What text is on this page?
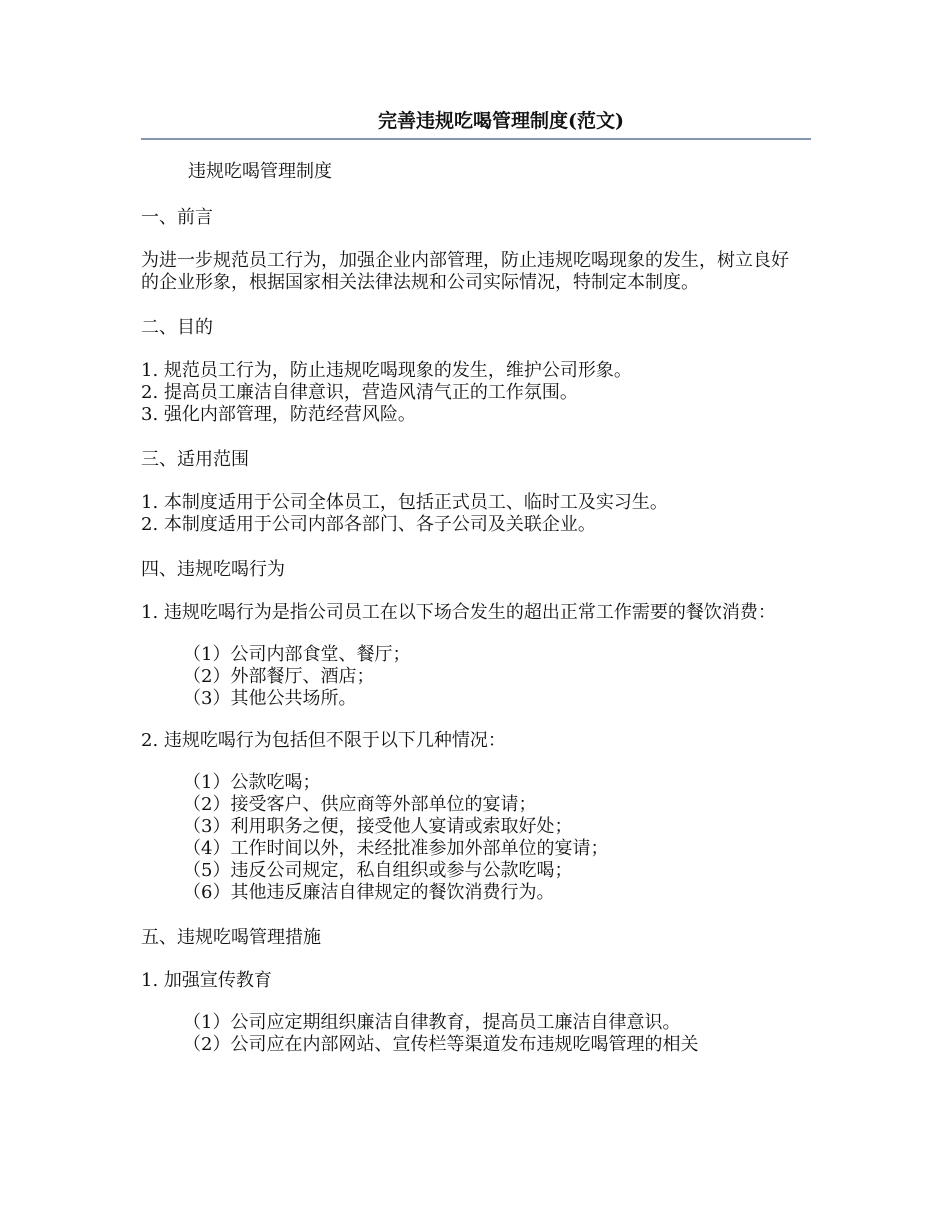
完善违规吃喝管理制度(范文)
违规吃喝管理制度
一、前言
为进一步规范员工行为，加强企业内部管理，防止违规吃喝现象的发生，树立良好的企业形象，根据国家相关法律法规和公司实际情况，特制定本制度。
二、目的
1. 规范员工行为，防止违规吃喝现象的发生，维护公司形象。
2. 提高员工廉洁自律意识，营造风清气正的工作氛围。
3. 强化内部管理，防范经营风险。
三、适用范围
1. 本制度适用于公司全体员工，包括正式员工、临时工及实习生。
2. 本制度适用于公司内部各部门、各子公司及关联企业。
四、违规吃喝行为
1. 违规吃喝行为是指公司员工在以下场合发生的超出正常工作需要的餐饮消费：
（1）公司内部食堂、餐厅；
（2）外部餐厅、酒店；
（3）其他公共场所。
2. 违规吃喝行为包括但不限于以下几种情况：
（1）公款吃喝；
（2）接受客户、供应商等外部单位的宴请；
（3）利用职务之便，接受他人宴请或索取好处；
（4）工作时间以外，未经批准参加外部单位的宴请；
（5）违反公司规定，私自组织或参与公款吃喝；
（6）其他违反廉洁自律规定的餐饮消费行为。
五、违规吃喝管理措施
1. 加强宣传教育
（1）公司应定期组织廉洁自律教育，提高员工廉洁自律意识。
（2）公司应在内部网站、宣传栏等渠道发布违规吃喝管理的相关
